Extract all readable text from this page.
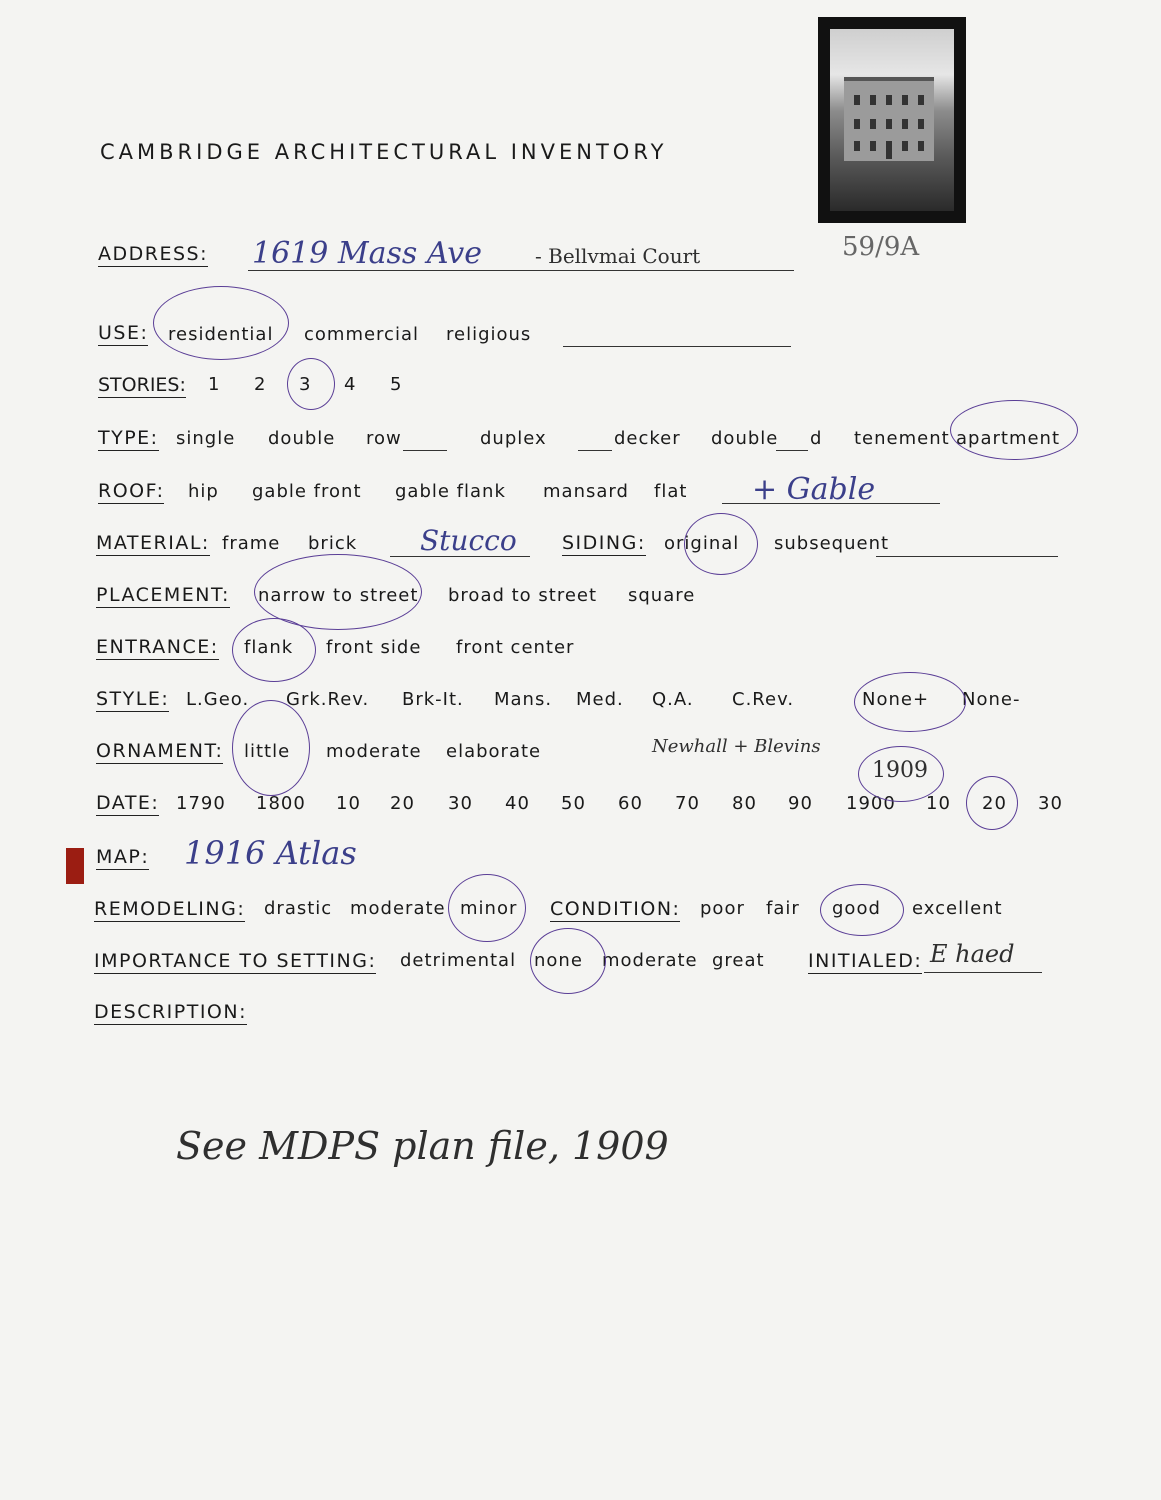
59/9A
CAMBRIDGE ARCHITECTURAL INVENTORY
ADDRESS: 1619 Mass Ave	- Bellvmai Court
USE: residential commercial religious
STORIES: 1 2 3 4 5
TYPE: single double row	duplex	decker double d tenement apartment
ROOF: hip gable front gable flank mansard flat + Gable
MATERIAL: frame brick Stucco SIDING: original subsequent
PLACEMENT: narrow to street broad to street square
ENTRANCE: flank front side front center
STYLE: L.Geo. Grk.Rev. Brk-It. Mans. Med. Q.A. C.Rev.	None+ None-
ORNAMENT: little moderate elaborate	Newhall + Blevins
DATE: 1790 1800 10 20 30 40 50 60 70 80 90 1900 10 20 30
1909
MAP: 1916 Atlas
REMODELING: drastic moderate minor CONDITION: poor fair good excellent
IMPORTANCE TO SETTING: detrimental none moderate great INITIALED: E haed
DESCRIPTION:
See MDPS plan file, 1909
